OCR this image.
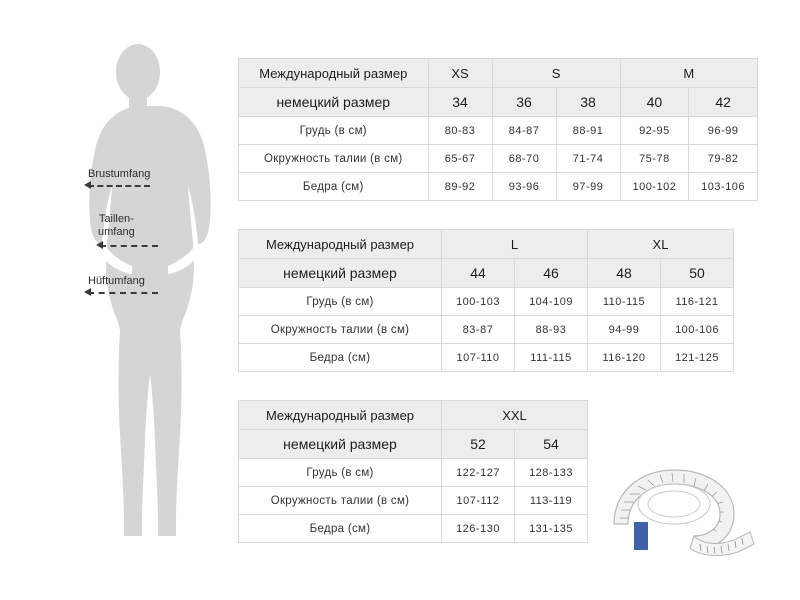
Brustumfang
Taillen-
umfang
Hüftumfang
Международный размер	XS	S		M	
немецкий размер	34	36	38	40	42
Грудь (в см)	80-83	84-87	88-91	92-95	96-99
Окружность талии (в см)	65-67	68-70	71-74	75-78	79-82
Бедра (см)	89-92	93-96	97-99	100-102	103-106
Международный размер	L		XL	
немецкий размер	44	46	48	50
Грудь (в см)	100-103	104-109	110-115	116-121
Окружность талии (в см)	83-87	88-93	94-99	100-106
Бедра (см)	107-110	111-115	116-120	121-125
Международный размер	XXL	
немецкий размер	52	54
Грудь (в см)	122-127	128-133
Окружность талии (в см)	107-112	113-119
Бедра (см)	126-130	131-135
